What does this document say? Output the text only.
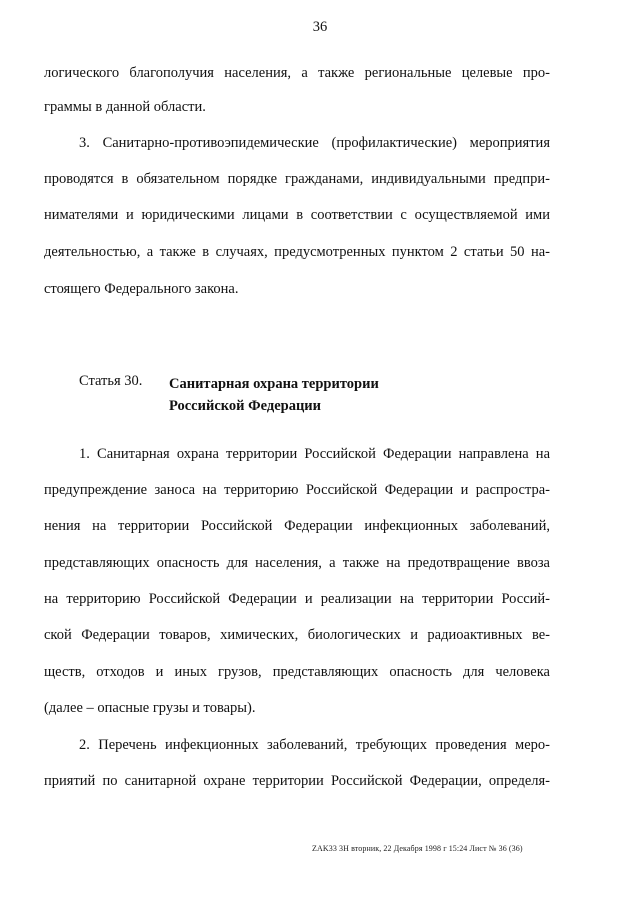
36
логического благополучия населения, а также региональные целевые про-
граммы в данной области.
3. Санитарно-противоэпидемические (профилактические) мероприятия
проводятся в обязательном порядке гражданами, индивидуальными предпри-
нимателями и юридическими лицами в соответствии с осуществляемой ими
деятельностью, а также в случаях, предусмотренных пунктом 2 статьи 50 на-
стоящего Федерального закона.
Статья 30. Санитарная охрана территории
Российской Федерации
1. Санитарная охрана территории Российской Федерации направлена на
предупреждение заноса на территорию Российской Федерации и распростра-
нения на территории Российской Федерации инфекционных заболеваний,
представляющих опасность для населения, а также на предотвращение ввоза
на территорию Российской Федерации и реализации на территории Россий-
ской Федерации товаров, химических, биологических и радиоактивных ве-
ществ, отходов и иных грузов, представляющих опасность для человека
(далее – опасные грузы и товары).
2. Перечень инфекционных заболеваний, требующих проведения меро-
приятий по санитарной охране территории Российской Федерации, определя-
ZAK33 3H вторник, 22 Декабря 1998 г 15:24 Лист № 36 (36)
